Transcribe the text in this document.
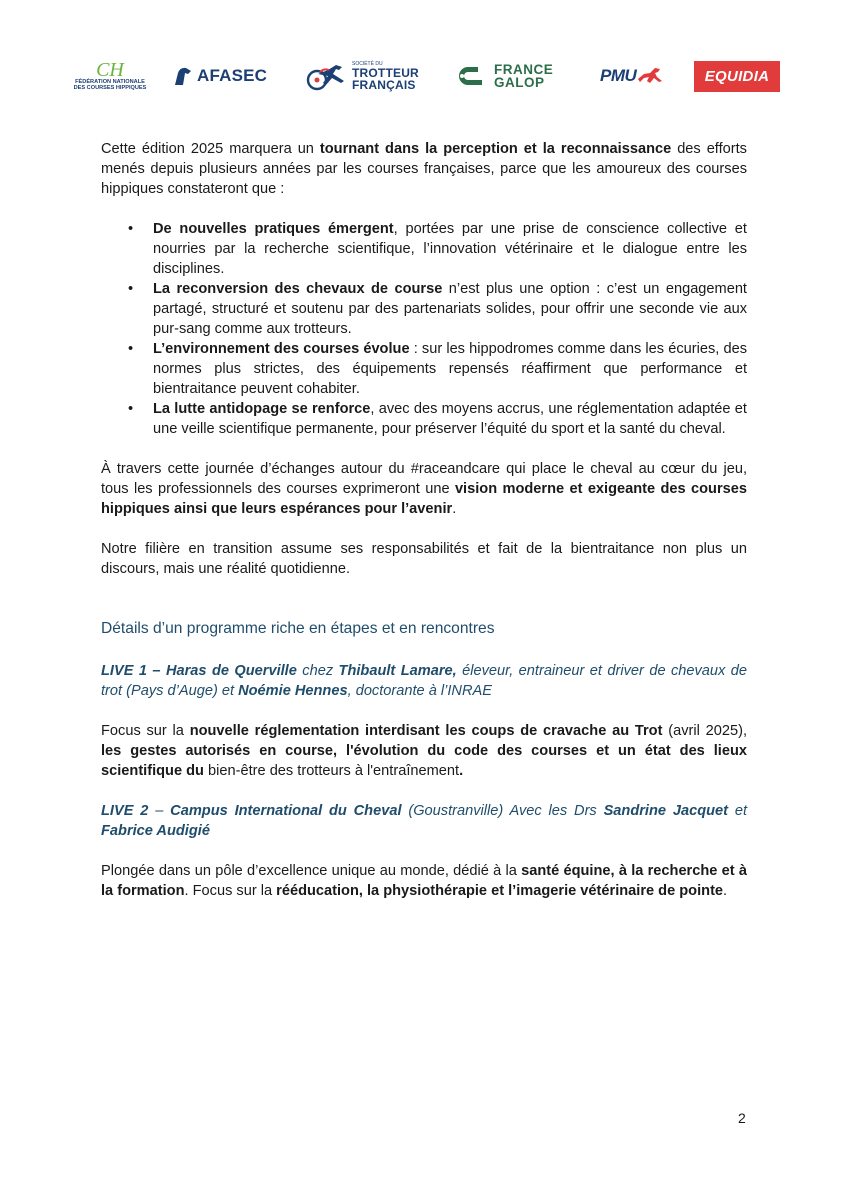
CH
FÉDÉRATION NATIONALE
DES COURSES HIPPIQUES
AFASEC
SOCIÉTÉ DU
TROTTEUR
FRANÇAIS
FRANCE
GALOP	PMU	EQUIDIA

Cette édition 2025 marquera un tournant dans la perception et la reconnaissance des efforts menés depuis plusieurs années par les courses françaises, parce que les amoureux des courses hippiques constateront que :

• De nouvelles pratiques émergent, portées par une prise de conscience collective et nourries par la recherche scientifique, l’innovation vétérinaire et le dialogue entre les disciplines.
• La reconversion des chevaux de course n’est plus une option : c’est un engagement partagé, structuré et soutenu par des partenariats solides, pour offrir une seconde vie aux pur-sang comme aux trotteurs.
• L’environnement des courses évolue : sur les hippodromes comme dans les écuries, des normes plus strictes, des équipements repensés réaffirment que performance et bientraitance peuvent cohabiter.
• La lutte antidopage se renforce, avec des moyens accrus, une réglementation adaptée et une veille scientifique permanente, pour préserver l’équité du sport et la santé du cheval.

À travers cette journée d’échanges autour du #raceandcare qui place le cheval au cœur du jeu, tous les professionnels des courses exprimeront une vision moderne et exigeante des courses hippiques ainsi que leurs espérances pour l’avenir.

Notre filière en transition assume ses responsabilités et fait de la bientraitance non plus un discours, mais une réalité quotidienne.

Détails d’un programme riche en étapes et en rencontres

LIVE 1 – Haras de Querville chez Thibault Lamare, éleveur, entraineur et driver de chevaux de trot (Pays d’Auge) et Noémie Hennes, doctorante à l’INRAE

Focus sur la nouvelle réglementation interdisant les coups de cravache au Trot (avril 2025), les gestes autorisés en course, l'évolution du code des courses et un état des lieux scientifique du bien-être des trotteurs à l'entraînement.

LIVE 2 – Campus International du Cheval (Goustranville) Avec les Drs Sandrine Jacquet et Fabrice Audigié

Plongée dans un pôle d’excellence unique au monde, dédié à la santé équine, à la recherche et à la formation. Focus sur la rééducation, la physiothérapie et l’imagerie vétérinaire de pointe.

2
